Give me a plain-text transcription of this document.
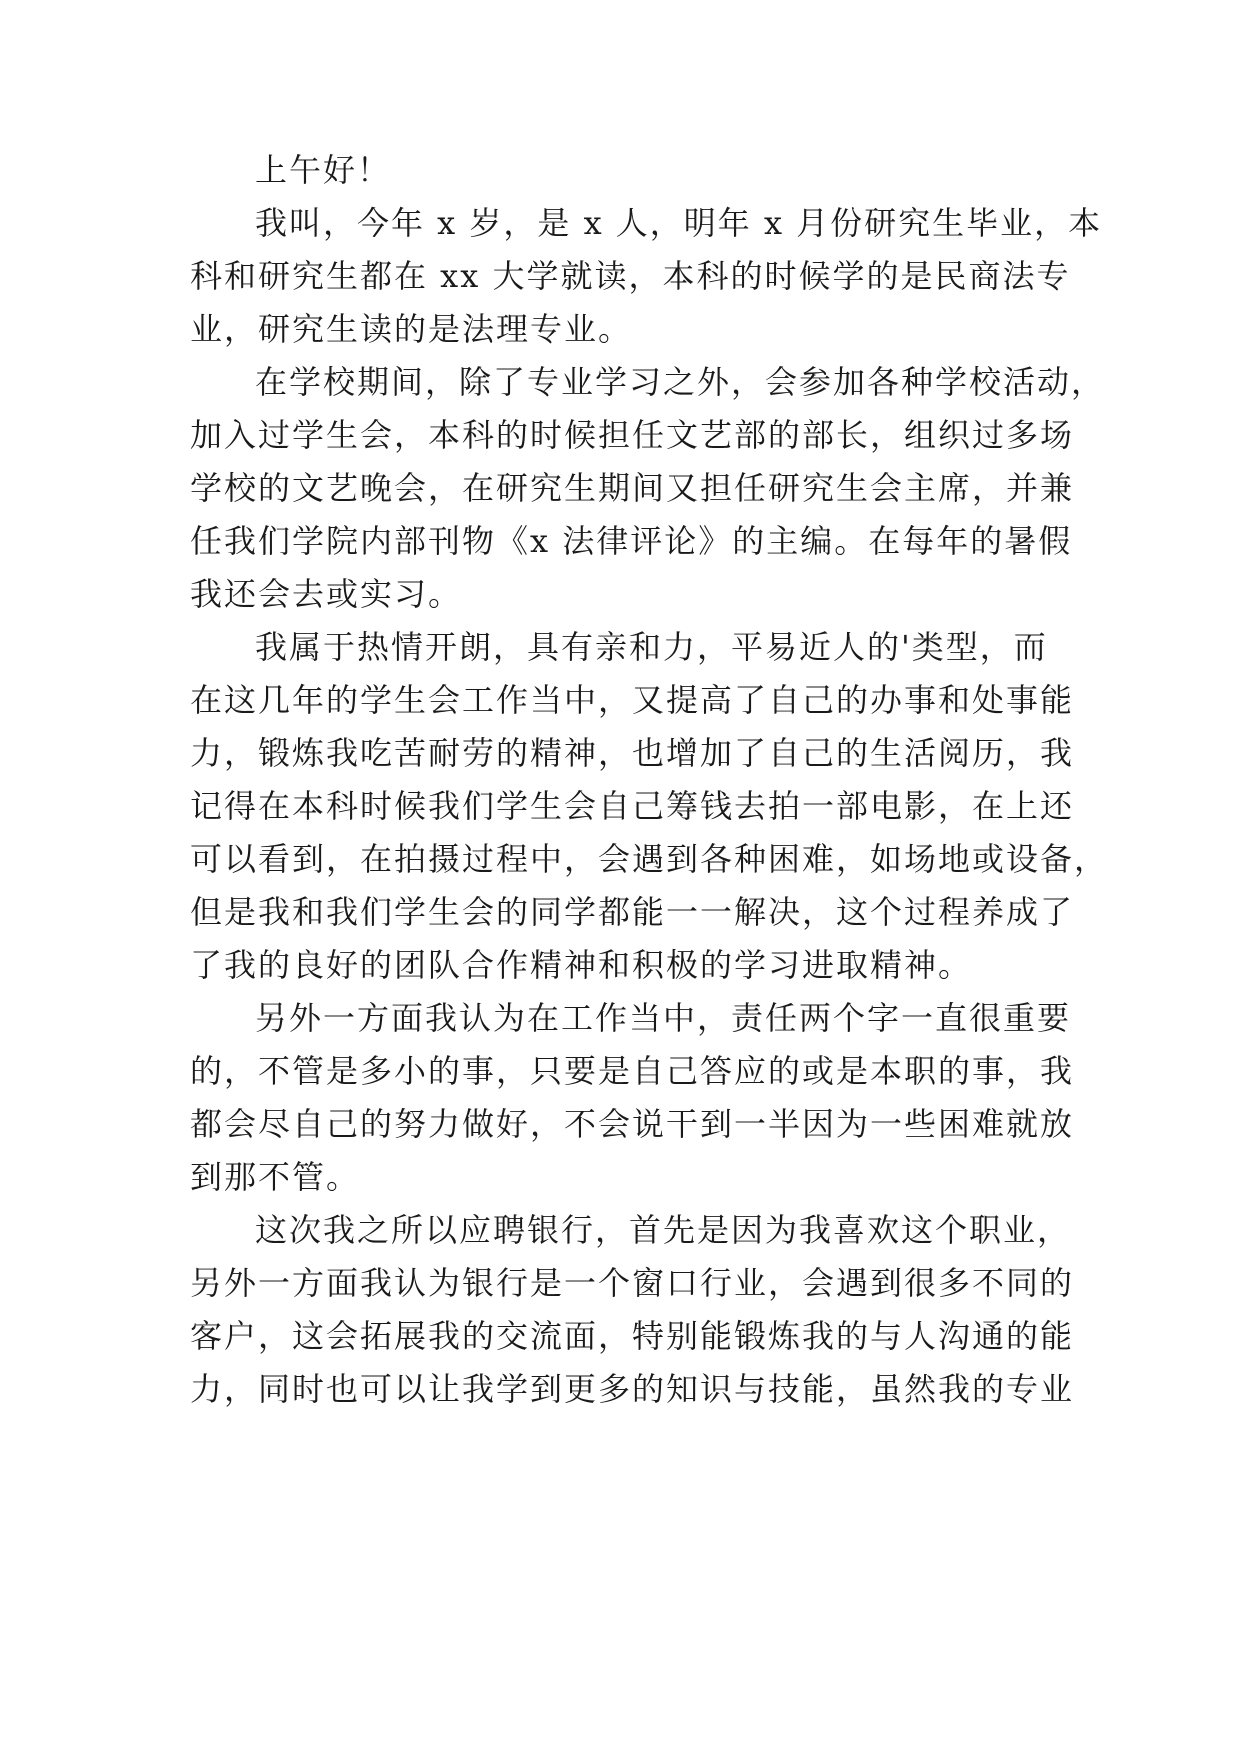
上午好！
我叫，今年 x 岁，是 x 人，明年 x 月份研究生毕业，本
科和研究生都在 xx 大学就读，本科的时候学的是民商法专
业，研究生读的是法理专业。
在学校期间，除了专业学习之外，会参加各种学校活动，
加入过学生会，本科的时候担任文艺部的部长，组织过多场
学校的文艺晚会，在研究生期间又担任研究生会主席，并兼
任我们学院内部刊物《x 法律评论》的主编。在每年的暑假
我还会去或实习。
我属于热情开朗，具有亲和力，平易近人的'类型，而
在这几年的学生会工作当中，又提高了自己的办事和处事能
力，锻炼我吃苦耐劳的精神，也增加了自己的生活阅历，我
记得在本科时候我们学生会自己筹钱去拍一部电影，在上还
可以看到，在拍摄过程中，会遇到各种困难，如场地或设备，
但是我和我们学生会的同学都能一一解决，这个过程养成了
了我的良好的团队合作精神和积极的学习进取精神。
另外一方面我认为在工作当中，责任两个字一直很重要
的，不管是多小的事，只要是自己答应的或是本职的事，我
都会尽自己的努力做好，不会说干到一半因为一些困难就放
到那不管。
这次我之所以应聘银行，首先是因为我喜欢这个职业，
另外一方面我认为银行是一个窗口行业，会遇到很多不同的
客户，这会拓展我的交流面，特别能锻炼我的与人沟通的能
力，同时也可以让我学到更多的知识与技能，虽然我的专业
